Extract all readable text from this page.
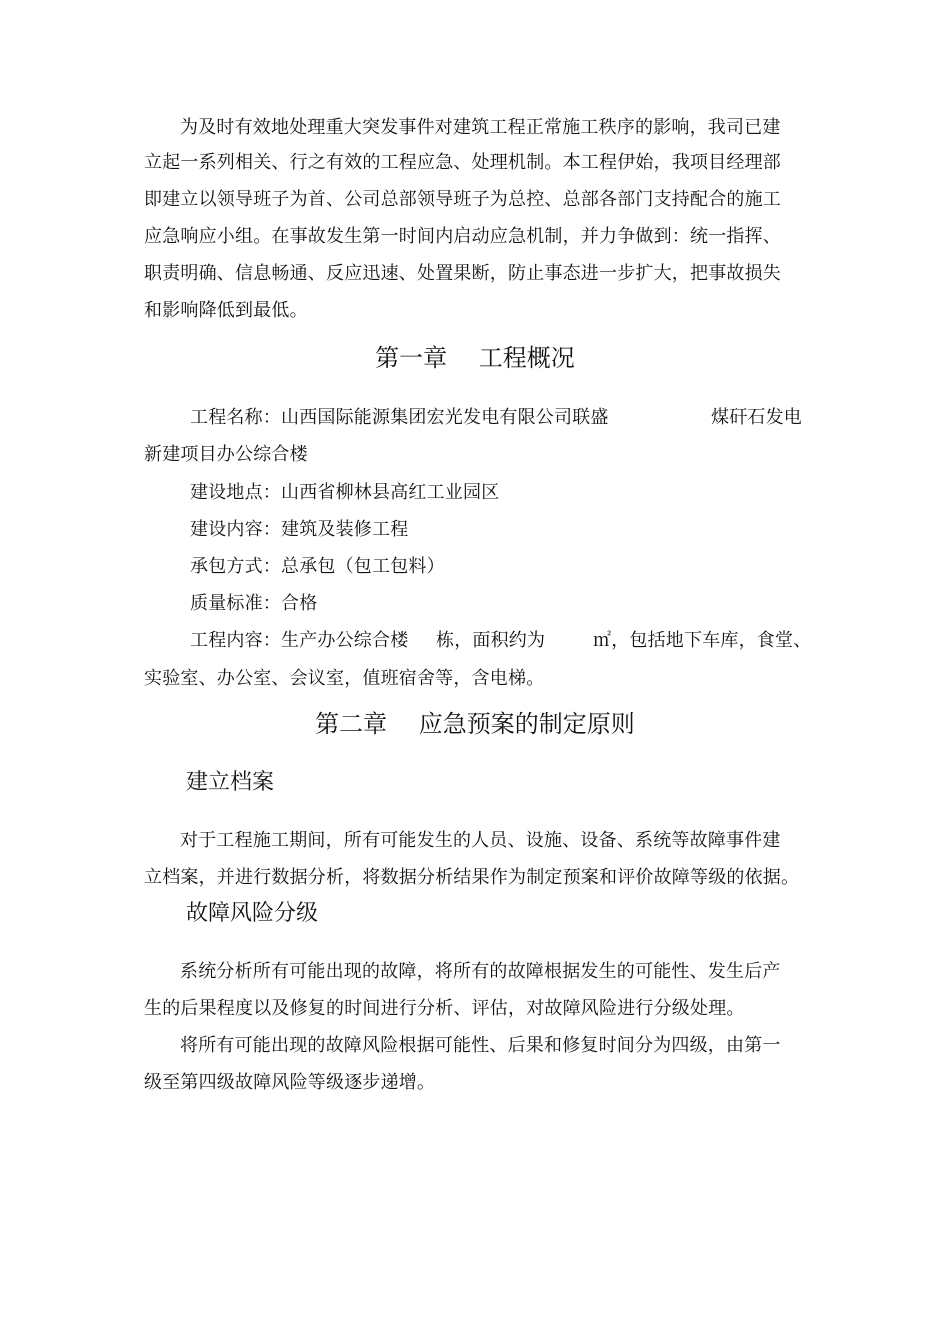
为及时有效地处理重大突发事件对建筑工程正常施工秩序的影响，我司已建

立起一系列相关、行之有效的工程应急、处理机制。本工程伊始，我项目经理部

即建立以领导班子为首、公司总部领导班子为总控、总部各部门支持配合的施工

应急响应小组。在事故发生第一时间内启动应急机制，并力争做到：统一指挥、

职责明确、信息畅通、反应迅速、处置果断，防止事态进一步扩大，把事故损失

和影响降低到最低。

第一章　 工程概况

工程名称：山西国际能源集团宏光发电有限公司联盛	煤矸石发电

新建项目办公综合楼

建设地点：山西省柳林县高红工业园区

建设内容：建筑及装修工程

承包方式：总承包（包工包料）

质量标准：合格

工程内容：生产办公综合楼 栋，面积约为	㎡，包括地下车库，食堂、

实验室、办公室、会议室，值班宿舍等，含电梯。

第二章　 应急预案的制定原则
建立档案

对于工程施工期间，所有可能发生的人员、设施、设备、系统等故障事件建

立档案，并进行数据分析，将数据分析结果作为制定预案和评价故障等级的依据。

故障风险分级

系统分析所有可能出现的故障，将所有的故障根据发生的可能性、发生后产

生的后果程度以及修复的时间进行分析、评估，对故障风险进行分级处理。

将所有可能出现的故障风险根据可能性、后果和修复时间分为四级，由第一

级至第四级故障风险等级逐步递增。
